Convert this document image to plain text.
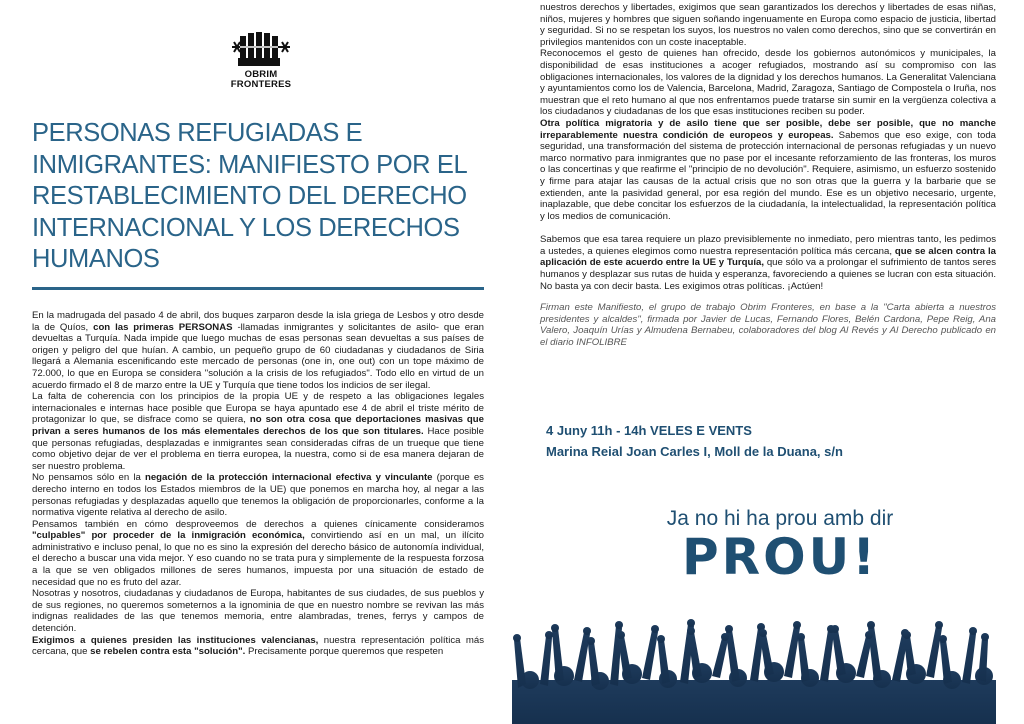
OBRIM
FRONTERES
PERSONAS REFUGIADAS E INMIGRANTES: MANIFIESTO POR EL RESTABLECIMIENTO DEL DERECHO INTERNACIONAL Y LOS DERECHOS HUMANOS

En la madrugada del pasado 4 de abril, dos buques zarparon desde la isla griega de Lesbos y otro desde la de Quíos, con las primeras PERSONAS -llamadas inmigrantes y solicitantes de asilo- que eran devueltas a Turquía. Nada impide que luego muchas de esas personas sean devueltas a sus países de origen y peligro del que huían. A cambio, un pequeño grupo de 60 ciudadanas y ciudadanos de Siria llegará a Alemania escenificando este mercado de personas (one in, one out) con un tope máximo de 72.000, lo que en Europa se considera "solución a la crisis de los refugiados". Todo ello en virtud de un acuerdo firmado el 8 de marzo entre la UE y Turquía que tiene todos los indicios de ser ilegal.

La falta de coherencia con los principios de la propia UE y de respeto a las obligaciones legales internacionales e internas hace posible que Europa se haya apuntado ese 4 de abril el triste mérito de protagonizar lo que, se disfrace como se quiera, no son otra cosa que deportaciones masivas que privan a seres humanos de los más elementales derechos de los que son titulares. Hace posible que personas refugiadas, desplazadas e inmigrantes sean consideradas cifras de un trueque que tiene como objetivo dejar de ver el problema en tierra europea, la nuestra, como si de esa manera dejaran de ser nuestro problema.

No pensamos sólo en la negación de la protección internacional efectiva y vinculante (porque es derecho interno en todos los Estados miembros de la UE) que ponemos en marcha hoy, al negar a las personas refugiadas y desplazadas aquello que tenemos la obligación de proporcionarles, conforme a la normativa vigente relativa al derecho de asilo.

Pensamos también en cómo desproveemos de derechos a quienes cínicamente consideramos "culpables" por proceder de la inmigración económica, convirtiendo así en un mal, un ilícito administrativo e incluso penal, lo que no es sino la expresión del derecho básico de autonomía individual, el derecho a buscar una vida mejor. Y eso cuando no se trata pura y simplemente de la respuesta forzosa a la que se ven obligados millones de seres humanos, impuesta por una situación de estado de necesidad que no es fruto del azar.

Nosotras y nosotros, ciudadanas y ciudadanos de Europa, habitantes de sus ciudades, de sus pueblos y de sus regiones, no queremos someternos a la ignominia de que en nuestro nombre se revivan las más indignas realidades de las que tenemos memoria, entre alambradas, trenes, ferrys y campos de detención.

Exigimos a quienes presiden las instituciones valencianas, nuestra representación política más cercana, que se rebelen contra esta "solución". Precisamente porque queremos que respeten

nuestros derechos y libertades, exigimos que sean garantizados los derechos y libertades de esas niñas, niños, mujeres y hombres que siguen soñando ingenuamente en Europa como espacio de justicia, libertad y seguridad. Si no se respetan los suyos, los nuestros no valen como derechos, sino que se convertirán en privilegios mantenidos con un coste inaceptable.

Reconocemos el gesto de quienes han ofrecido, desde los gobiernos autonómicos y municipales, la disponibilidad de esas instituciones a acoger refugiados, mostrando así su compromiso con las obligaciones internacionales, los valores de la dignidad y los derechos humanos. La Generalitat Valenciana y ayuntamientos como los de Valencia, Barcelona, Madrid, Zaragoza, Santiago de Compostela o Iruña, nos muestran que el reto humano al que nos enfrentamos puede tratarse sin sumir en la vergüenza colectiva a los ciudadanos y ciudadanas de los que esas instituciones reciben su poder.

Otra política migratoria y de asilo tiene que ser posible, debe ser posible, que no manche irreparablemente nuestra condición de europeos y europeas. Sabemos que eso exige, con toda seguridad, una transformación del sistema de protección internacional de personas refugiadas y un nuevo marco normativo para inmigrantes que no pase por el incesante reforzamiento de las fronteras, los muros o las concertinas y que reafirme el "principio de no devolución". Requiere, asimismo, un esfuerzo sostenido y firme para atajar las causas de la actual crisis que no son otras que la guerra y la barbarie que se extienden, ante la pasividad general, por esa región del mundo. Ese es un objetivo necesario, urgente, inaplazable, que debe concitar los esfuerzos de la ciudadanía, la intelectualidad, la representación política y los medios de comunicación.

Sabemos que esa tarea requiere un plazo previsiblemente no inmediato, pero mientras tanto, les pedimos a ustedes, a quienes elegimos como nuestra representación política más cercana, que se alcen contra la aplicación de este acuerdo entre la UE y Turquía, que sólo va a prolongar el sufrimiento de tantos seres humanos y desplazar sus rutas de huida y esperanza, favoreciendo a quienes se lucran con esta situación. No basta ya con decir basta. Les exigimos otras políticas. ¡Actúen!

Firman este Manifiesto, el grupo de trabajo Obrim Fronteres, en base a la "Carta abierta a nuestros presidentes y alcaldes", firmada por Javier de Lucas, Fernando Flores, Belén Cardona, Pepe Reig, Ana Valero, Joaquín Urías y Almudena Bernabeu, colaboradores del blog Al Revés y Al Derecho publicado en el diario INFOLIBRE

4 Juny 11h - 14h VELES E VENTS
Marina Reial Joan Carles I, Moll de la Duana, s/n
Ja no hi ha prou amb dir
PROU!
